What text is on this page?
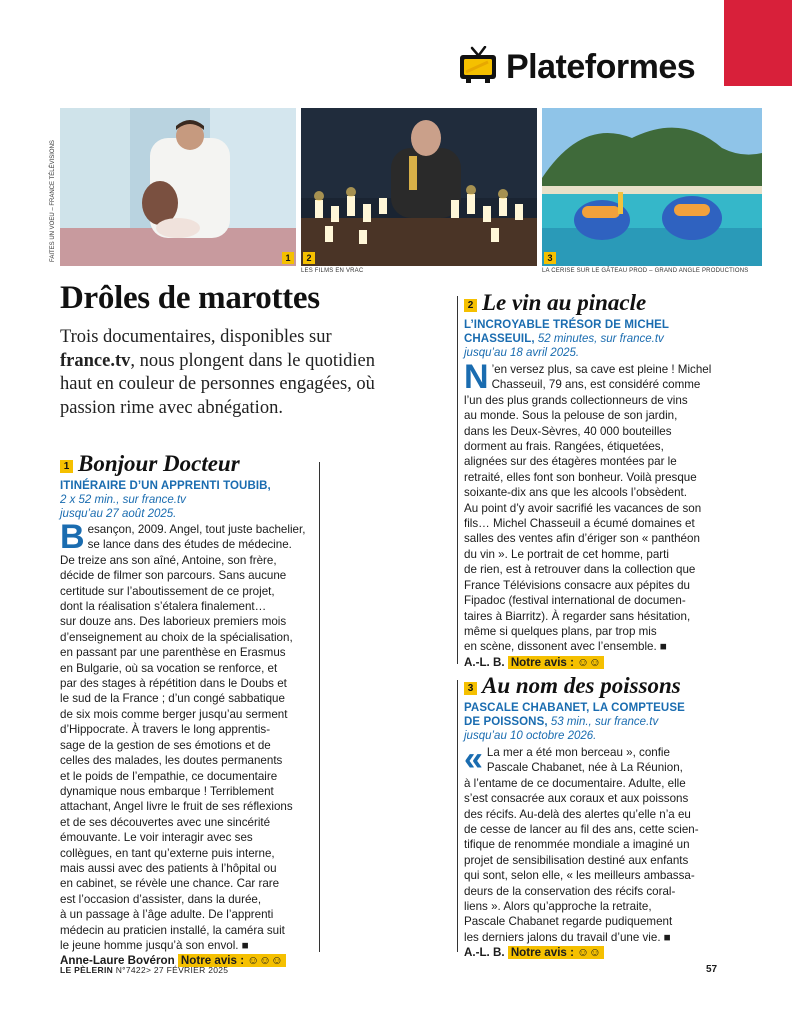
Plateformes
FAITES UN VOEU – FRANCE TÉLÉVISIONS	1	2	3
LES FILMS EN VRAC	LA CERISE SUR LE GÂTEAU PROD – GRAND ANGLE PRODUCTIONS
Drôles de marottes
Trois documentaires, disponibles sur france.tv, nous plongent dans le quotidien haut en couleur de personnes engagées, où passion rime avec abnégation.
1 Bonjour Docteur
ITINÉRAIRE D’UN APPRENTI TOUBIB,
2 x 52 min., sur france.tv
jusqu’au 27 août 2025.
B esançon, 2009. Angel, tout juste bachelier,
se lance dans des études de médecine.
De treize ans son aîné, Antoine, son frère,
décide de filmer son parcours. Sans aucune
certitude sur l’aboutissement de ce projet,
dont la réalisation s’étalera finalement…
sur douze ans. Des laborieux premiers mois
d’enseignement au choix de la spécialisation,
en passant par une parenthèse en Erasmus
en Bulgarie, où sa vocation se renforce, et
par des stages à répétition dans le Doubs et
le sud de la France ; d’un congé sabbatique
de six mois comme berger jusqu’au serment
d’Hippocrate. À travers le long apprentis-
sage de la gestion de ses émotions et de
celles des malades, les doutes permanents
et le poids de l’empathie, ce documentaire
dynamique nous embarque ! Terriblement
attachant, Angel livre le fruit de ses réflexions
et de ses découvertes avec une sincérité
émouvante. Le voir interagir avec ses
collègues, en tant qu’externe puis interne,
mais aussi avec des patients à l’hôpital ou
en cabinet, se révèle une chance. Car rare
est l’occasion d’assister, dans la durée,
à un passage à l’âge adulte. De l’apprenti
médecin au praticien installé, la caméra suit
le jeune homme jusqu’à son envol. ■
Anne-Laure Bovéron Notre avis : ☺☺☺
2 Le vin au pinacle
L’INCROYABLE TRÉSOR DE MICHEL
CHASSEUIL, 52 minutes, sur france.tv
jusqu’au 18 avril 2025.
N ’en versez plus, sa cave est pleine ! Michel
Chasseuil, 79 ans, est considéré comme
l’un des plus grands collectionneurs de vins
au monde. Sous la pelouse de son jardin,
dans les Deux-Sèvres, 40 000 bouteilles
dorment au frais. Rangées, étiquetées,
alignées sur des étagères montées par le
retraité, elles font son bonheur. Voilà presque
soixante-dix ans que les alcools l’obsèdent.
Au point d’y avoir sacrifié les vacances de son
fils… Michel Chasseuil a écumé domaines et
salles des ventes afin d’ériger son « panthéon
du vin ». Le portrait de cet homme, parti
de rien, est à retrouver dans la collection que
France Télévisions consacre aux pépites du
Fipadoc (festival international de documen-
taires à Biarritz). À regarder sans hésitation,
même si quelques plans, par trop mis
en scène, dissonent avec l’ensemble. ■
A.-L. B. Notre avis : ☺☺
3 Au nom des poissons
PASCALE CHABANET, LA COMPTEUSE
DE POISSONS, 53 min., sur france.tv
jusqu’au 10 octobre 2026.
« La mer a été mon berceau », confie
Pascale Chabanet, née à La Réunion,
à l’entame de ce documentaire. Adulte, elle
s’est consacrée aux coraux et aux poissons
des récifs. Au-delà des alertes qu’elle n’a eu
de cesse de lancer au fil des ans, cette scien-
tifique de renommée mondiale a imaginé un
projet de sensibilisation destiné aux enfants
qui sont, selon elle, « les meilleurs ambassa-
deurs de la conservation des récifs coral-
liens ». Alors qu’approche la retraite,
Pascale Chabanet regarde pudiquement
les derniers jalons du travail d’une vie. ■
A.-L. B. Notre avis : ☺☺
LE PÈLERIN N°7422> 27 FÉVRIER 2025	57
